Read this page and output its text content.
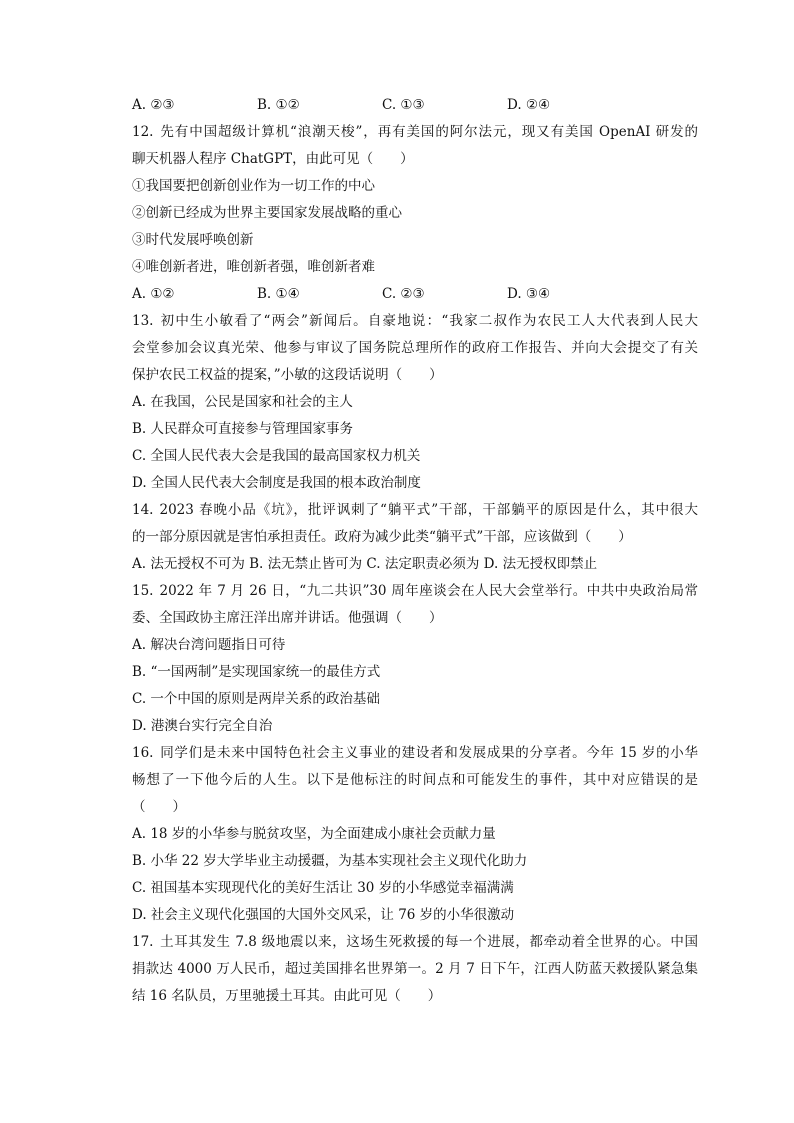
A. ②③	B. ①②	C. ①③	D. ②④
12. 先有中国超级计算机“浪潮天梭”，再有美国的阿尔法元，现又有美国 OpenAI 研发的
聊天机器人程序 ChatGPT，由此可见（　　）
①我国要把创新创业作为一切工作的中心
②创新已经成为世界主要国家发展战略的重心
③时代发展呼唤创新
④唯创新者进，唯创新者强，唯创新者难
A. ①②	B. ①④	C. ②③	D. ③④
13. 初中生小敏看了“两会”新闻后。自豪地说：“我家二叔作为农民工人大代表到人民大
会堂参加会议真光荣、他参与审议了国务院总理所作的政府工作报告、并向大会提交了有关
保护农民工权益的提案，”小敏的这段话说明（　　）
A. 在我国，公民是国家和社会的主人
B. 人民群众可直接参与管理国家事务
C. 全国人民代表大会是我国的最高国家权力机关
D. 全国人民代表大会制度是我国的根本政治制度
14. 2023 春晚小品《坑》，批评讽刺了“躺平式”干部，干部躺平的原因是什么，其中很大
的一部分原因就是害怕承担责任。政府为减少此类“躺平式”干部，应该做到（　　）
A. 法无授权不可为 B. 法无禁止皆可为 C. 法定职责必须为 D. 法无授权即禁止
15. 2022 年 7 月 26 日，“九二共识”30 周年座谈会在人民大会堂举行。中共中央政治局常
委、全国政协主席汪洋出席并讲话。他强调（　　）
A. 解决台湾问题指日可待
B. “一国两制”是实现国家统一的最佳方式
C. 一个中国的原则是两岸关系的政治基础
D. 港澳台实行完全自治
16. 同学们是未来中国特色社会主义事业的建设者和发展成果的分享者。今年 15 岁的小华
畅想了一下他今后的人生。以下是他标注的时间点和可能发生的事件，其中对应错误的是
（　　）
A. 18 岁的小华参与脱贫攻坚，为全面建成小康社会贡献力量
B. 小华 22 岁大学毕业主动援疆，为基本实现社会主义现代化助力
C. 祖国基本实现现代化的美好生活让 30 岁的小华感觉幸福满满
D. 社会主义现代化强国的大国外交风采，让 76 岁的小华很激动
17. 土耳其发生 7.8 级地震以来，这场生死救援的每一个进展，都牵动着全世界的心。中国
捐款达 4000 万人民币，超过美国排名世界第一。2 月 7 日下午，江西人防蓝天救援队紧急集
结 16 名队员，万里驰援土耳其。由此可见（　　）
